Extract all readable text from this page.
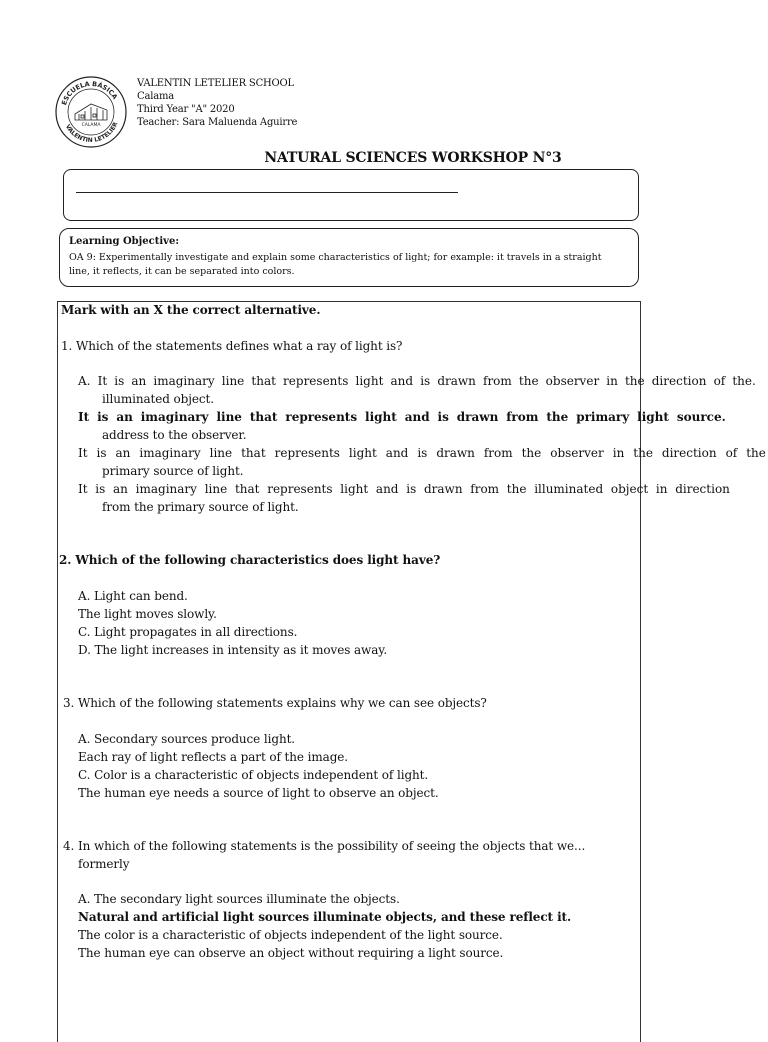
ESCUELA BÁSICA
VALENTIN LETELIER
CALAMA
VALENTIN LETELIER SCHOOL
Calama
Third Year "A" 2020
Teacher: Sara Maluenda Aguirre
NATURAL SCIENCES WORKSHOP N°3
Learning Objective:
OA 9: Experimentally investigate and explain some characteristics of light; for example: it travels in a straight line, it reflects, it can be separated into colors.
Mark with an X the correct alternative.
1. Which of the statements defines what a ray of light is?
A. It is an imaginary line that represents light and is drawn from the observer in the direction of the.
illuminated object.
It is an imaginary line that represents light and is drawn from the primary light source.
address to the observer.
It is an imaginary line that represents light and is drawn from the observer in the direction of the
primary source of light.
It is an imaginary line that represents light and is drawn from the illuminated object in direction
from the primary source of light.
2. Which of the following characteristics does light have?
A. Light can bend.
The light moves slowly.
C. Light propagates in all directions.
D. The light increases in intensity as it moves away.
3. Which of the following statements explains why we can see objects?
A. Secondary sources produce light.
Each ray of light reflects a part of the image.
C. Color is a characteristic of objects independent of light.
The human eye needs a source of light to observe an object.
4. In which of the following statements is the possibility of seeing the objects that we...
formerly
A. The secondary light sources illuminate the objects.
Natural and artificial light sources illuminate objects, and these reflect it.
The color is a characteristic of objects independent of the light source.
The human eye can observe an object without requiring a light source.
